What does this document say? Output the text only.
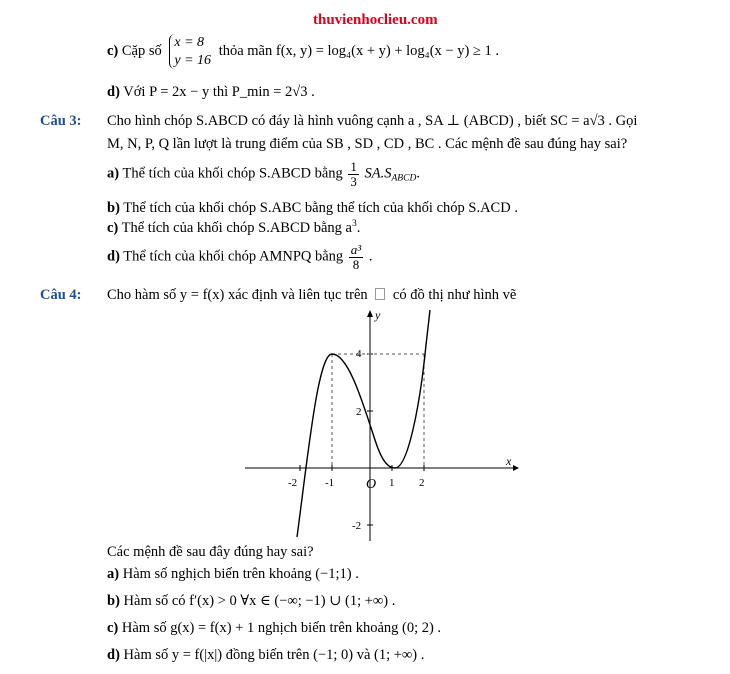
thuvienhoclieu.com
c) Cặp số
x = 8
y = 16
thỏa mãn f(x, y) = log₄(x + y) + log₄(x − y) ≥ 1 .
d) Với P = 2x − y thì P_min = 2√3 .
Câu 3: Cho hình chóp S.ABCD có đáy là hình vuông cạnh a , SA ⊥ (ABCD) , biết SC = a√3 . Gọi
M, N, P, Q lần lượt là trung điểm của SB , SD , CD , BC . Các mệnh đề sau đúng hay sai?
a) Thể tích của khối chóp S.ABCD bằng $\frac{1}{3} SA.S_{ABCD}$.
b) Thể tích của khối chóp S.ABC bằng thể tích của khối chóp S.ACD .
c) Thể tích của khối chóp S.ABCD bằng $a^3$.
d) Thể tích của khối chóp AMNPQ bằng $\frac{\text{a³}}{8}$ .
Câu 4: Cho hàm số y = f(x) xác định và liên tục trên có đồ thị như hình vẽ
-2	-1	1 2
4
2
-2
O
x
y
Các mệnh đề sau đây đúng hay sai?
a) Hàm số nghịch biến trên khoảng (−1;1) .
b) Hàm số có f′(x) > 0 ∀x ∈ (−∞; −1) ∪ (1; +∞) .
c) Hàm số g(x) = f(x) + 1 nghịch biến trên khoảng (0; 2) .
d) Hàm số y = f(|x|) đồng biến trên (−1; 0) và (1; +∞) .
